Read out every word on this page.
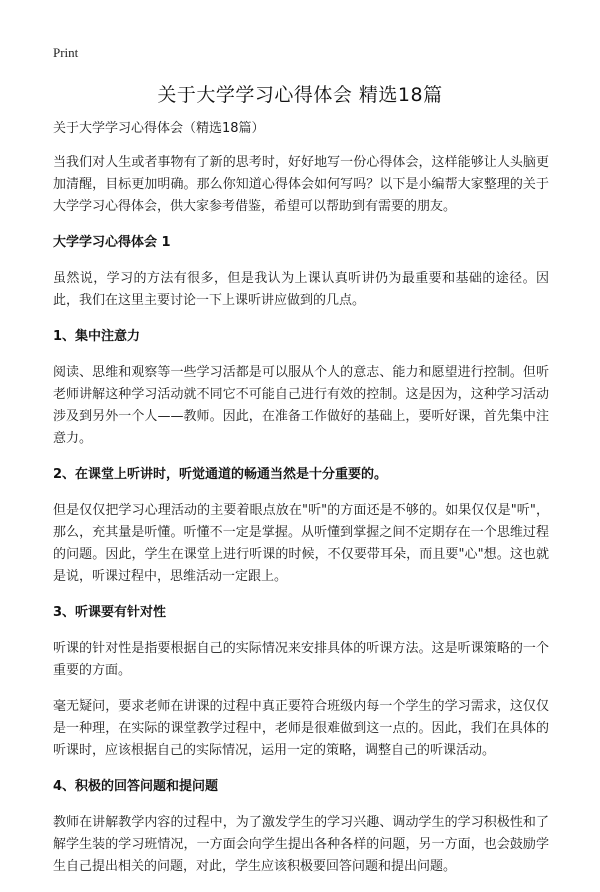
Print
关于大学学习心得体会 精选18篇

关于大学学习心得体会（精选18篇）

当我们对人生或者事物有了新的思考时，好好地写一份心得体会，这样能够让人头脑更加清醒，目标更加明确。那么你知道心得体会如何写吗？以下是小编帮大家整理的关于大学学习心得体会，供大家参考借鉴，希望可以帮助到有需要的朋友。

大学学习心得体会 1

虽然说，学习的方法有很多，但是我认为上课认真听讲仍为最重要和基础的途径。因此，我们在这里主要讨论一下上课听讲应做到的几点。

1、集中注意力

阅读、思维和观察等一些学习活都是可以服从个人的意志、能力和愿望进行控制。但听老师讲解这种学习活动就不同它不可能自己进行有效的控制。这是因为，这种学习活动涉及到另外一个人——教师。因此，在准备工作做好的基础上，要听好课，首先集中注意力。

2、在课堂上听讲时，听觉通道的畅通当然是十分重要的。

但是仅仅把学习心理活动的主要着眼点放在"听"的方面还是不够的。如果仅仅是"听"，那么，充其量是听懂。听懂不一定是掌握。从听懂到掌握之间不定期存在一个思维过程的问题。因此，学生在课堂上进行听课的时候，不仅要带耳朵，而且要"心"想。这也就是说，听课过程中，思维活动一定跟上。

3、听课要有针对性

听课的针对性是指要根据自己的实际情况来安排具体的听课方法。这是听课策略的一个重要的方面。

毫无疑问，要求老师在讲课的过程中真正要符合班级内每一个学生的学习需求，这仅仅是一种理，在实际的课堂教学过程中，老师是很难做到这一点的。因此，我们在具体的听课时，应该根据自己的实际情况，运用一定的策略，调整自己的听课活动。

4、积极的回答问题和提问题

教师在讲解教学内容的过程中，为了激发学生的学习兴趣、调动学生的学习积极性和了解学生装的学习班情况，一方面会向学生提出各种各样的问题，另一方面，也会鼓励学生自己提出相关的问题，对此，学生应该积极要回答问题和提出问题。
